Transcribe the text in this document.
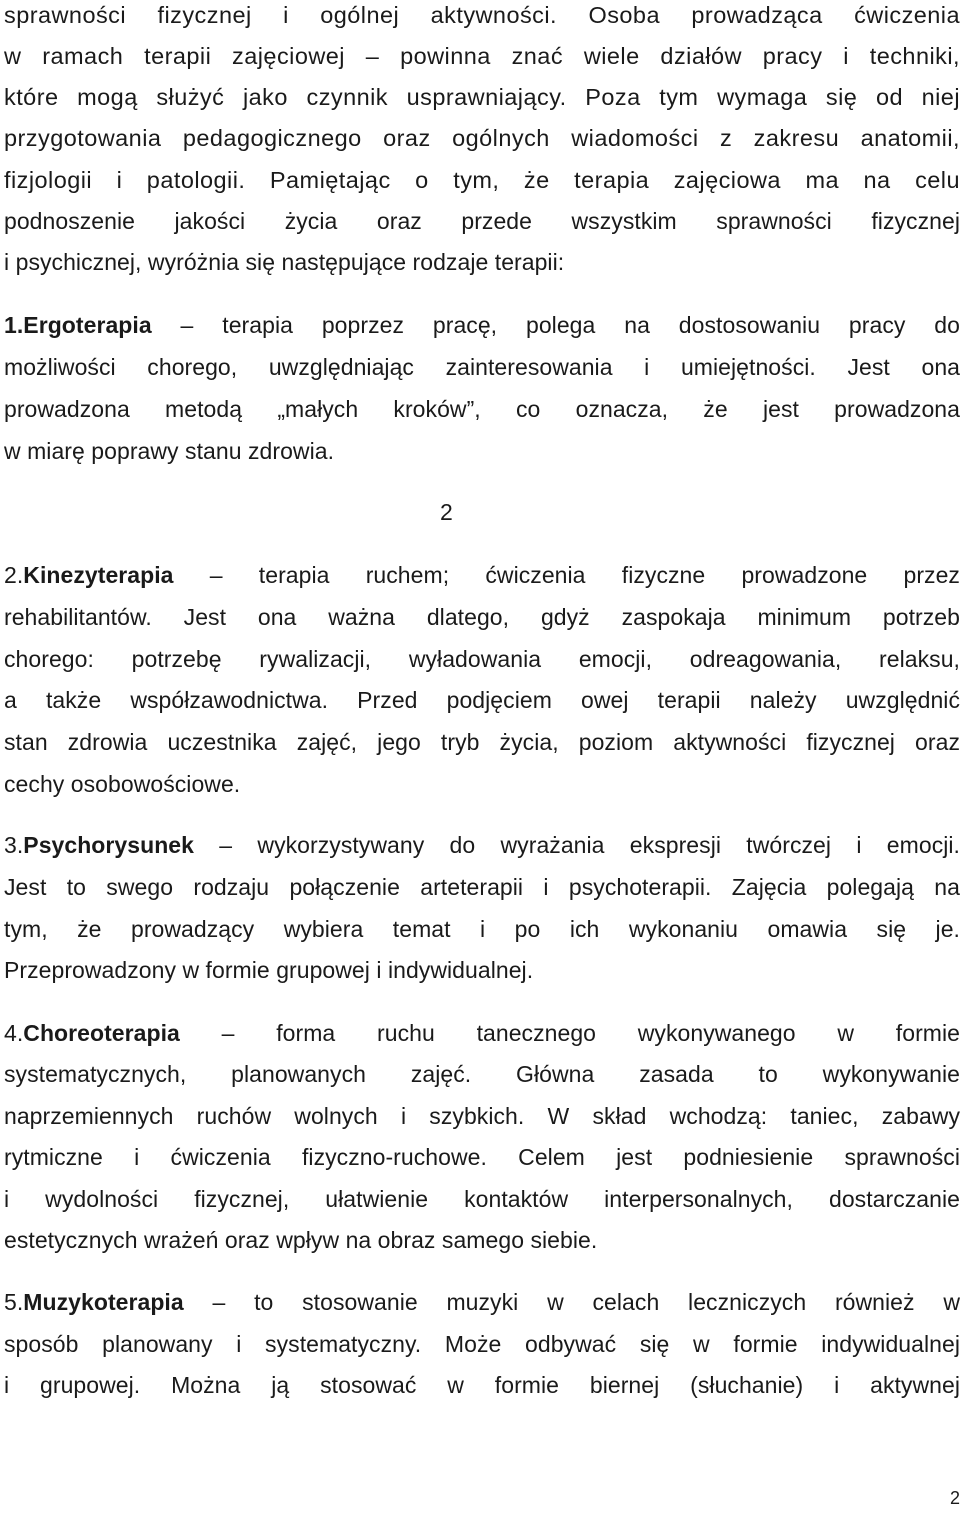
sprawności fizycznej i ogólnej aktywności. Osoba prowadząca ćwiczenia
w ramach terapii zajęciowej – powinna znać wiele działów pracy i techniki,
które mogą służyć jako czynnik usprawniający. Poza tym wymaga się od niej
przygotowania pedagogicznego oraz ogólnych wiadomości z zakresu anatomii,
fizjologii i patologii. Pamiętając o tym, że terapia zajęciowa ma na celu
podnoszenie jakości życia oraz przede wszystkim sprawności fizycznej
i psychicznej, wyróżnia się następujące rodzaje terapii:
1.Ergoterapia – terapia poprzez pracę, polega na dostosowaniu pracy do
możliwości chorego, uwzględniając zainteresowania i umiejętności. Jest ona
prowadzona metodą „małych kroków”, co oznacza, że jest prowadzona
w miarę poprawy stanu zdrowia.
2
2.Kinezyterapia – terapia ruchem; ćwiczenia fizyczne prowadzone przez
rehabilitantów. Jest ona ważna dlatego, gdyż zaspokaja minimum potrzeb
chorego: potrzebę rywalizacji, wyładowania emocji, odreagowania, relaksu,
a także współzawodnictwa. Przed podjęciem owej terapii należy uwzględnić
stan zdrowia uczestnika zajęć, jego tryb życia, poziom aktywności fizycznej oraz
cechy osobowościowe.
3.Psychorysunek – wykorzystywany do wyrażania ekspresji twórczej i emocji.
Jest to swego rodzaju połączenie arteterapii i psychoterapii. Zajęcia polegają na
tym, że prowadzący wybiera temat i po ich wykonaniu omawia się je.
Przeprowadzony w formie grupowej i indywidualnej.
4.Choreoterapia – forma ruchu tanecznego wykonywanego w formie
systematycznych, planowanych zajęć. Główna zasada to wykonywanie
naprzemiennych ruchów wolnych i szybkich. W skład wchodzą: taniec, zabawy
rytmiczne i ćwiczenia fizyczno-ruchowe. Celem jest podniesienie sprawności
i wydolności fizycznej, ułatwienie kontaktów interpersonalnych, dostarczanie
estetycznych wrażeń oraz wpływ na obraz samego siebie.
5.Muzykoterapia – to stosowanie muzyki w celach leczniczych również w
sposób planowany i systematyczny. Może odbywać się w formie indywidualnej
i grupowej. Można ją stosować w formie biernej (słuchanie) i aktywnej
2
